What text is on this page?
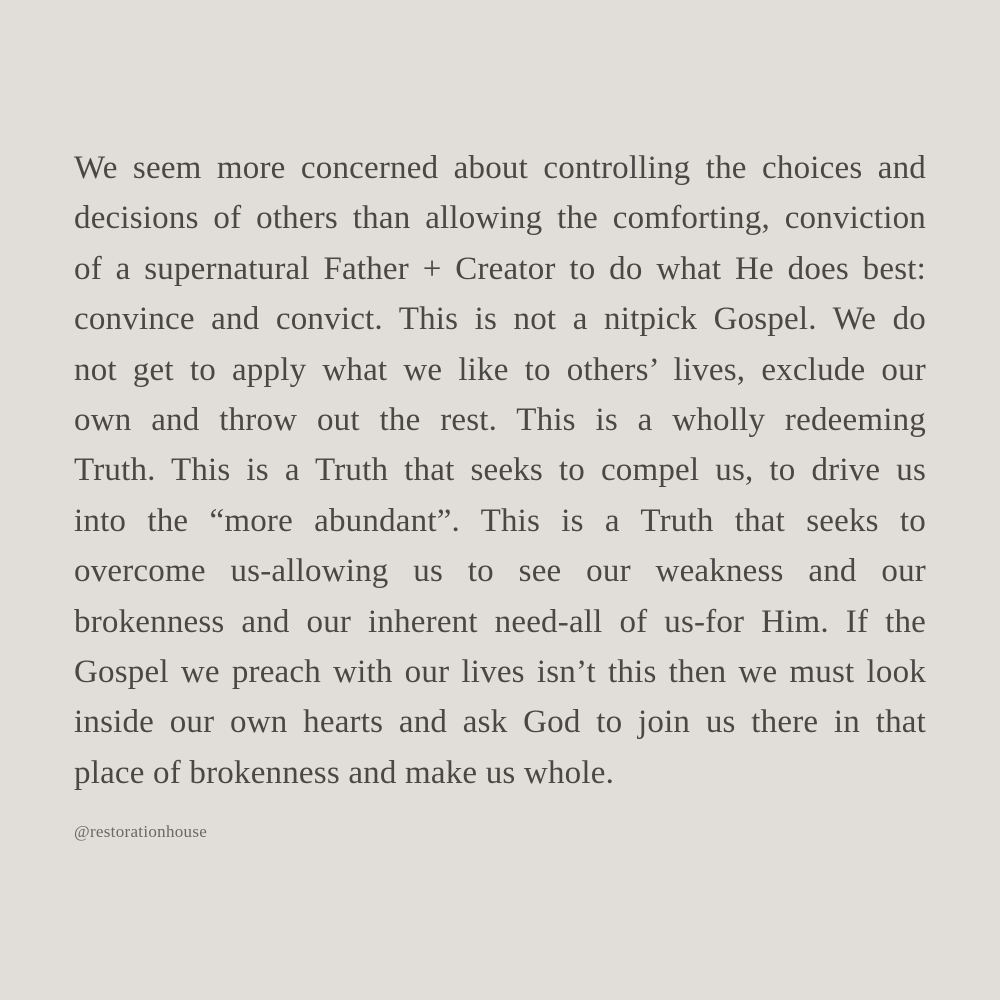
We seem more concerned about controlling the choices and
decisions of others than allowing the comforting, conviction
of a supernatural Father + Creator to do what He does best:
convince and convict. This is not a nitpick Gospel. We do
not get to apply what we like to others’ lives, exclude our
own and throw out the rest. This is a wholly redeeming
Truth. This is a Truth that seeks to compel us, to drive us
into the “more abundant”. This is a Truth that seeks to
overcome us-allowing us to see our weakness and our
brokenness and our inherent need-all of us-for Him. If the
Gospel we preach with our lives isn’t this then we must look
inside our own hearts and ask God to join us there in that
place of brokenness and make us whole.

@restorationhouse
